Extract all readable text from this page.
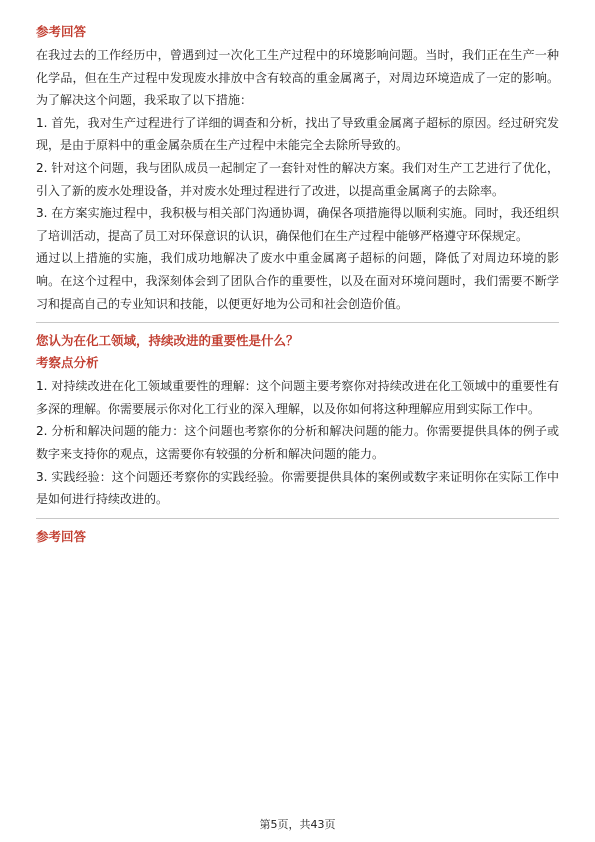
参考回答

在我过去的工作经历中，曾遇到过一次化工生产过程中的环境影响问题。当时，我们正在生产一种化学品，但在生产过程中发现废水排放中含有较高的重金属离子，对周边环境造成了一定的影响。为了解决这个问题，我采取了以下措施：

1. 首先，我对生产过程进行了详细的调查和分析，找出了导致重金属离子超标的原因。经过研究发现，是由于原料中的重金属杂质在生产过程中未能完全去除所导致的。

2. 针对这个问题，我与团队成员一起制定了一套针对性的解决方案。我们对生产工艺进行了优化，引入了新的废水处理设备，并对废水处理过程进行了改进，以提高重金属离子的去除率。

3. 在方案实施过程中，我积极与相关部门沟通协调，确保各项措施得以顺利实施。同时，我还组织了培训活动，提高了员工对环保意识的认识，确保他们在生产过程中能够严格遵守环保规定。

通过以上措施的实施，我们成功地解决了废水中重金属离子超标的问题，降低了对周边环境的影响。在这个过程中，我深刻体会到了团队合作的重要性，以及在面对环境问题时，我们需要不断学习和提高自己的专业知识和技能，以便更好地为公司和社会创造价值。

您认为在化工领域，持续改进的重要性是什么？

考察点分析

1. 对持续改进在化工领域重要性的理解：这个问题主要考察你对持续改进在化工领域中的重要性有多深的理解。你需要展示你对化工行业的深入理解，以及你如何将这种理解应用到实际工作中。

2. 分析和解决问题的能力：这个问题也考察你的分析和解决问题的能力。你需要提供具体的例子或数字来支持你的观点，这需要你有较强的分析和解决问题的能力。

3. 实践经验：这个问题还考察你的实践经验。你需要提供具体的案例或数字来证明你在实际工作中是如何进行持续改进的。

参考回答

第5页，共43页
